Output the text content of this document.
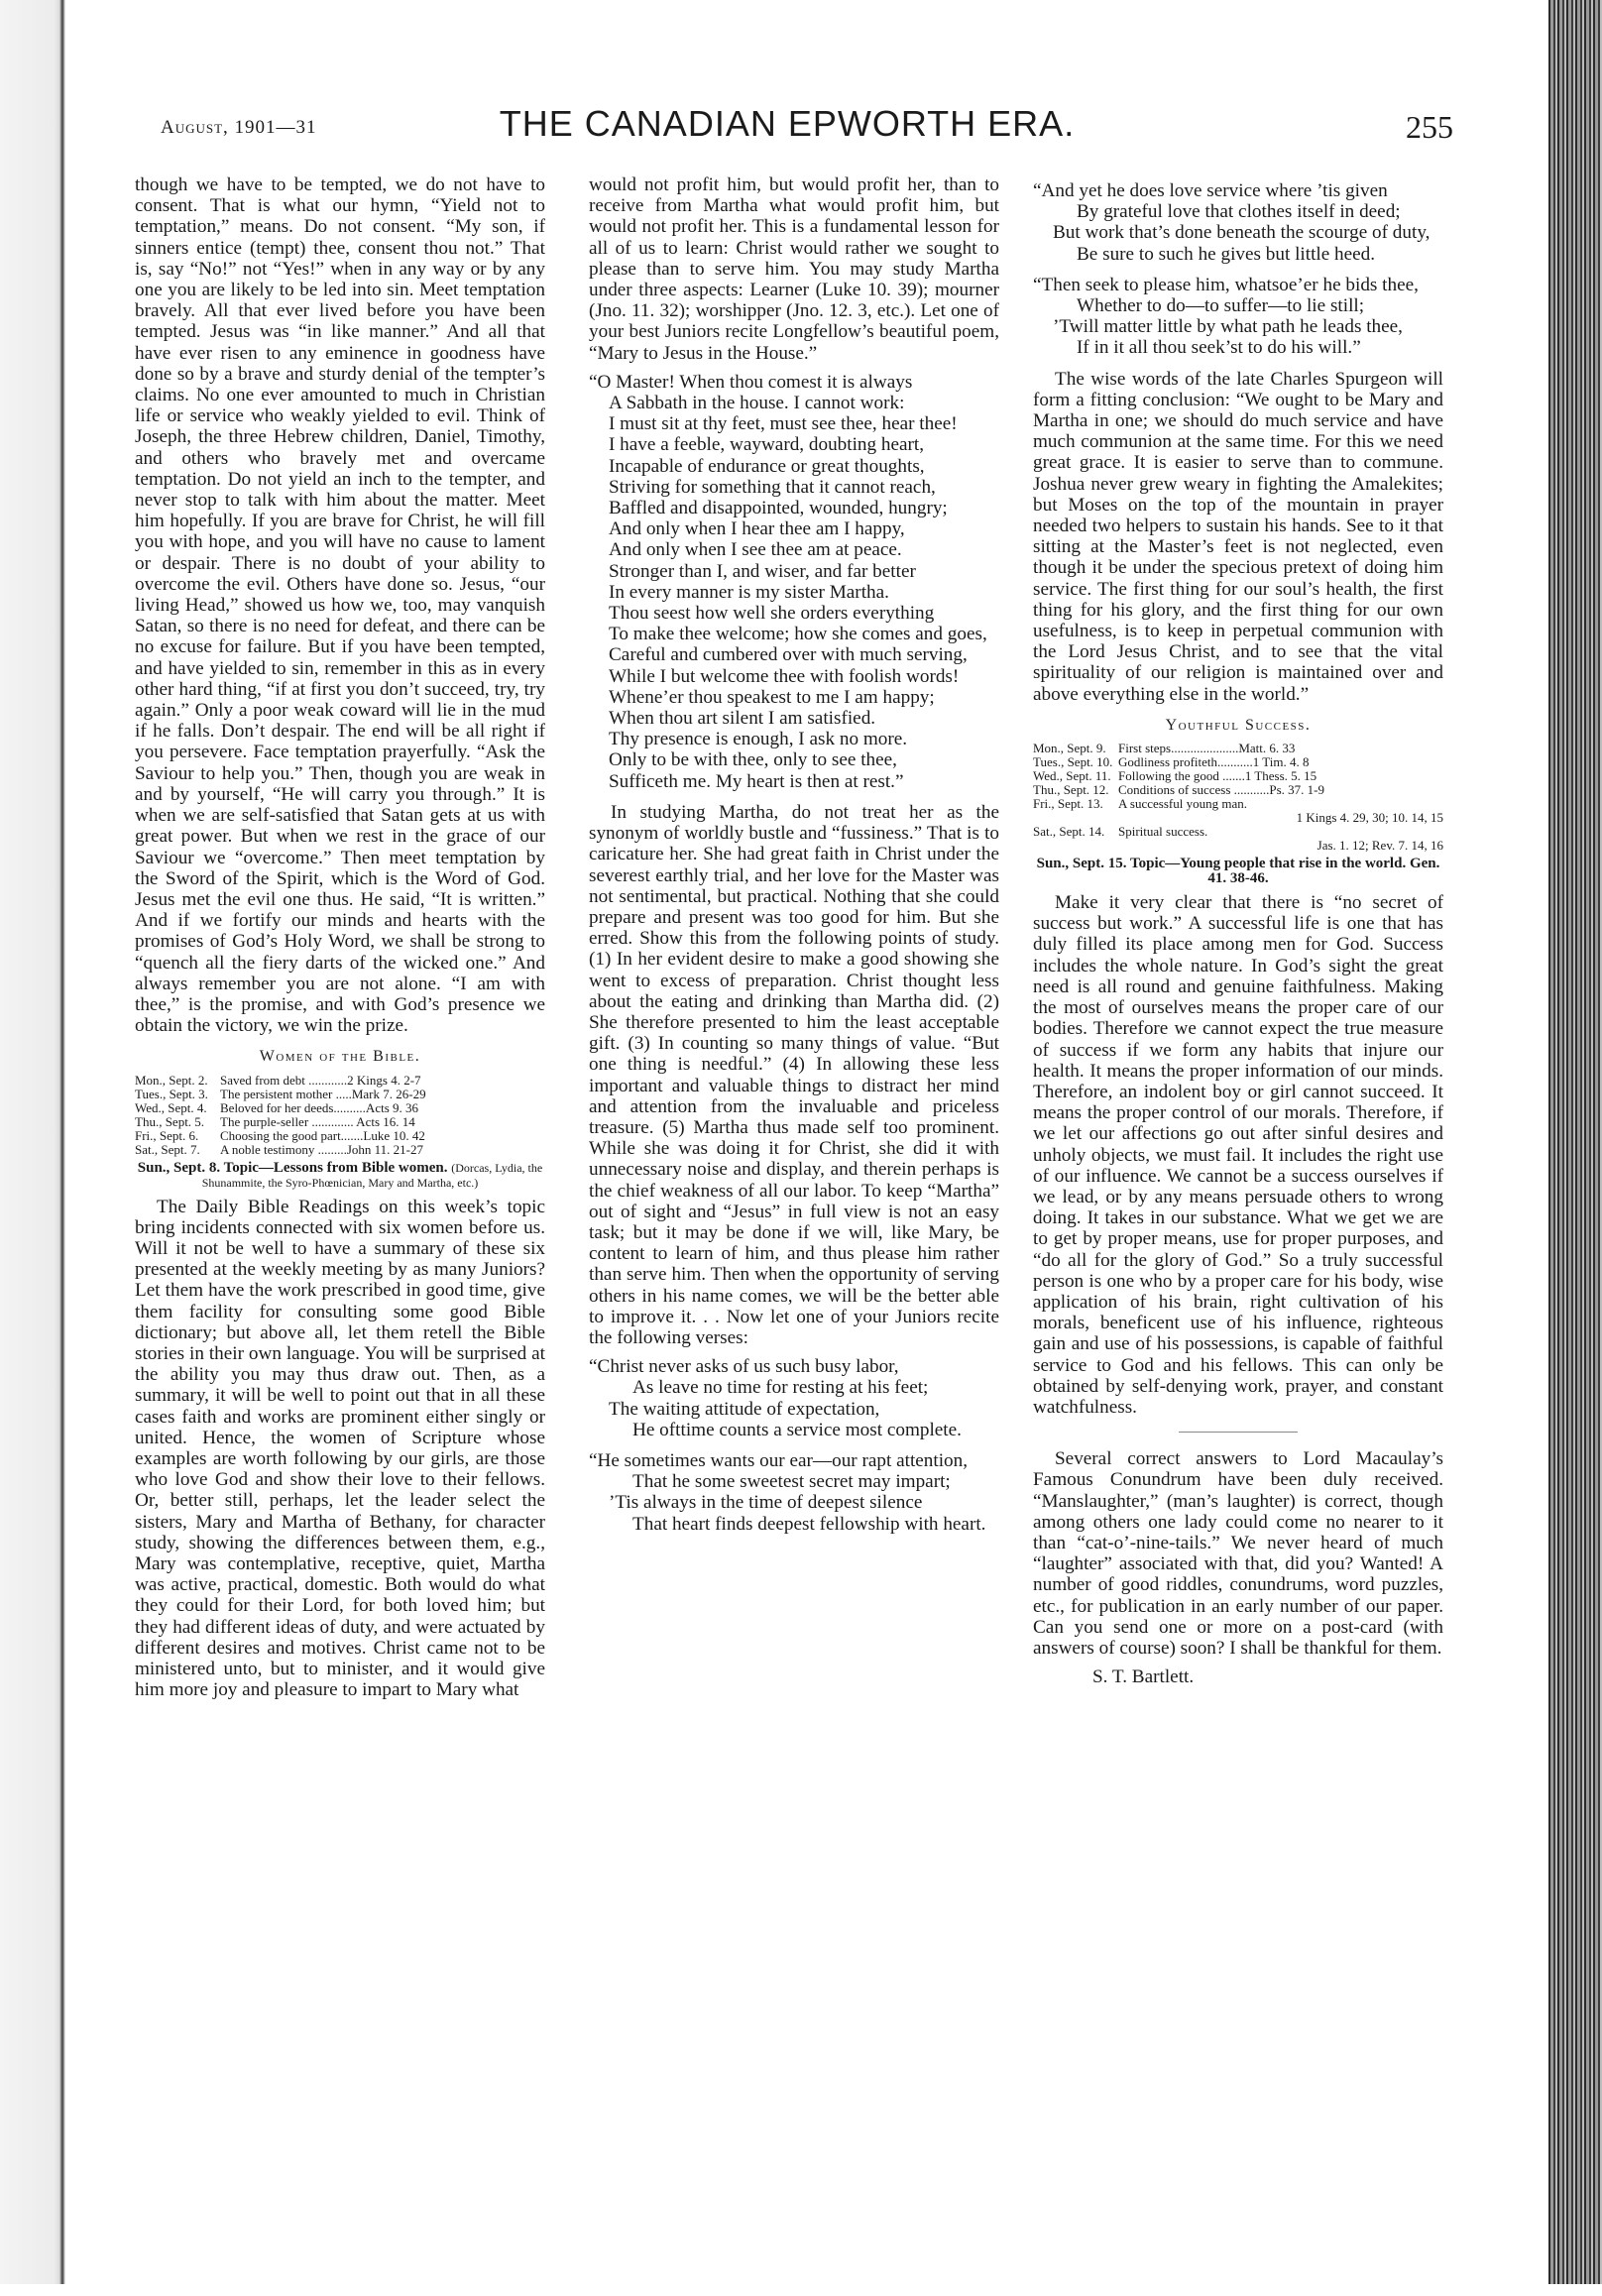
August, 1901—31	THE CANADIAN EPWORTH ERA.	255

though we have to be tempted, we do not have to consent. That is what our hymn, “Yield not to temptation,” means. Do not consent. “My son, if sinners entice (tempt) thee, consent thou not.” That is, say “No!” not “Yes!” when in any way or by any one you are likely to be led into sin. Meet temptation bravely. All that ever lived before you have been tempted. Jesus was “in like manner.” And all that have ever risen to any eminence in goodness have done so by a brave and sturdy denial of the tempter’s claims. No one ever amounted to much in Christian life or service who weakly yielded to evil. Think of Joseph, the three Hebrew children, Daniel, Timothy, and others who bravely met and overcame temptation. Do not yield an inch to the tempter, and never stop to talk with him about the matter. Meet him hopefully. If you are brave for Christ, he will fill you with hope, and you will have no cause to lament or despair. There is no doubt of your ability to overcome the evil. Others have done so. Jesus, “our living Head,” showed us how we, too, may vanquish Satan, so there is no need for defeat, and there can be no excuse for failure. But if you have been tempted, and have yielded to sin, remember in this as in every other hard thing, “if at first you don’t succeed, try, try again.” Only a poor weak coward will lie in the mud if he falls. Don’t despair. The end will be all right if you persevere. Face temptation prayerfully. “Ask the Saviour to help you.” Then, though you are weak in and by yourself, “He will carry you through.” It is when we are self-satisfied that Satan gets at us with great power. But when we rest in the grace of our Saviour we “overcome.” Then meet temptation by the Sword of the Spirit, which is the Word of God. Jesus met the evil one thus. He said, “It is written.” And if we fortify our minds and hearts with the promises of God’s Holy Word, we shall be strong to “quench all the fiery darts of the wicked one.” And always remember you are not alone. “I am with thee,” is the promise, and with God’s presence we obtain the victory, we win the prize.

Women of the Bible.
Mon., Sept. 2. Saved from debt ............2 Kings 4. 2-7
Tues., Sept. 3. The persistent mother .....Mark 7. 26-29
Wed., Sept. 4.	Beloved for her deeds..........Acts 9. 36
Thu., Sept. 5.	The purple-seller ............. Acts 16. 14
Fri., Sept. 6.	Choosing the good part.......Luke 10. 42
Sat., Sept. 7.	A noble testimony .........John 11. 21-27
Sun., Sept. 8. Topic—Lessons from Bible women. (Dorcas, Lydia, the Shunammite, the Syro-Phœnician, Mary and Martha, etc.)

The Daily Bible Readings on this week’s topic bring incidents connected with six women before us. Will it not be well to have a summary of these six presented at the weekly meeting by as many Juniors? Let them have the work prescribed in good time, give them facility for consulting some good Bible dictionary; but above all, let them retell the Bible stories in their own language. You will be surprised at the ability you may thus draw out. Then, as a summary, it will be well to point out that in all these cases faith and works are prominent either singly or united. Hence, the women of Scripture whose examples are worth following by our girls, are those who love God and show their love to their fellows. Or, better still, perhaps, let the leader select the sisters, Mary and Martha of Bethany, for character study, showing the differences between them, e.g., Mary was contemplative, receptive, quiet, Martha was active, practical, domestic. Both would do what they could for their Lord, for both loved him; but they had different ideas of duty, and were actuated by different desires and motives. Christ came not to be ministered unto, but to minister, and it would give him more joy and pleasure to impart to Mary what

would not profit him, but would profit her, than to receive from Martha what would profit him, but would not profit her. This is a fundamental lesson for all of us to learn: Christ would rather we sought to please than to serve him. You may study Martha under three aspects: Learner (Luke 10. 39); mourner (Jno. 11. 32); worshipper (Jno. 12. 3, etc.). Let one of your best Juniors recite Longfellow’s beautiful poem, “Mary to Jesus in the House.”

“O Master! When thou comest it is always
A Sabbath in the house. I cannot work:
I must sit at thy feet, must see thee, hear thee!
I have a feeble, wayward, doubting heart,
Incapable of endurance or great thoughts,
Striving for something that it cannot reach,
Baffled and disappointed, wounded, hungry;
And only when I hear thee am I happy,
And only when I see thee am at peace.
Stronger than I, and wiser, and far better
In every manner is my sister Martha.
Thou seest how well she orders everything
To make thee welcome; how she comes and goes,
Careful and cumbered over with much serving,
While I but welcome thee with foolish words!
Whene’er thou speakest to me I am happy;
When thou art silent I am satisfied.
Thy presence is enough, I ask no more.
Only to be with thee, only to see thee,
Sufficeth me. My heart is then at rest.”

In studying Martha, do not treat her as the synonym of worldly bustle and “fussiness.” That is to caricature her. She had great faith in Christ under the severest earthly trial, and her love for the Master was not sentimental, but practical. Nothing that she could prepare and present was too good for him. But she erred. Show this from the following points of study. (1) In her evident desire to make a good showing she went to excess of preparation. Christ thought less about the eating and drinking than Martha did. (2) She therefore presented to him the least acceptable gift. (3) In counting so many things of value. “But one thing is needful.” (4) In allowing these less important and valuable things to distract her mind and attention from the invaluable and priceless treasure. (5) Martha thus made self too prominent. While she was doing it for Christ, she did it with unnecessary noise and display, and therein perhaps is the chief weakness of all our labor. To keep “Martha” out of sight and “Jesus” in full view is not an easy task; but it may be done if we will, like Mary, be content to learn of him, and thus please him rather than serve him. Then when the opportunity of serving others in his name comes, we will be the better able to improve it. . . Now let one of your Juniors recite the following verses:

“Christ never asks of us such busy labor,
As leave no time for resting at his feet;
The waiting attitude of expectation,
He ofttime counts a service most complete.
“He sometimes wants our ear—our rapt attention,
That he some sweetest secret may impart;
’Tis always in the time of deepest silence
That heart finds deepest fellowship with heart.
“And yet he does love service where ’tis given
By grateful love that clothes itself in deed;
But work that’s done beneath the scourge of duty,
Be sure to such he gives but little heed.
“Then seek to please him, whatsoe’er he bids thee,
Whether to do—to suffer—to lie still;
’Twill matter little by what path he leads thee,
If in it all thou seek’st to do his will.”

The wise words of the late Charles Spurgeon will form a fitting conclusion: “We ought to be Mary and Martha in one; we should do much service and have much communion at the same time. For this we need great grace. It is easier to serve than to commune. Joshua never grew weary in fighting the Amalekites; but Moses on the top of the mountain in prayer needed two helpers to sustain his hands. See to it that sitting at the Master’s feet is not neglected, even though it be under the specious pretext of doing him service. The first thing for our soul’s health, the first thing for his glory, and the first thing for our own usefulness, is to keep in perpetual communion with the Lord Jesus Christ, and to see that the vital spirituality of our religion is maintained over and above everything else in the world.”

Youthful Success.
Mon., Sept. 9. First steps.....................Matt. 6. 33
Tues., Sept. 10. Godliness profiteth...........1 Tim. 4. 8
Wed., Sept. 11. Following the good .......1 Thess. 5. 15
Thu., Sept. 12. Conditions of success ...........Ps. 37. 1-9
Fri., Sept. 13.	A successful young man.
1 Kings 4. 29, 30; 10. 14, 15
Sat., Sept. 14.	Spiritual success.
Jas. 1. 12; Rev. 7. 14, 16
Sun., Sept. 15. Topic—Young people that rise in the world. Gen. 41. 38-46.

Make it very clear that there is “no secret of success but work.” A successful life is one that has duly filled its place among men for God. Success includes the whole nature. In God’s sight the great need is all round and genuine faithfulness. Making the most of ourselves means the proper care of our bodies. Therefore we cannot expect the true measure of success if we form any habits that injure our health. It means the proper information of our minds. Therefore, an indolent boy or girl cannot succeed. It means the proper control of our morals. Therefore, if we let our affections go out after sinful desires and unholy objects, we must fail. It includes the right use of our influence. We cannot be a success ourselves if we lead, or by any means persuade others to wrong doing. It takes in our substance. What we get we are to get by proper means, use for proper purposes, and “do all for the glory of God.” So a truly successful person is one who by a proper care for his body, wise application of his brain, right cultivation of his morals, beneficent use of his influence, righteous gain and use of his possessions, is capable of faithful service to God and his fellows. This can only be obtained by self-denying work, prayer, and constant watchfulness.

Several correct answers to Lord Macaulay’s Famous Conundrum have been duly received. “Manslaughter,” (man’s laughter) is correct, though among others one lady could come no nearer to it than “cat-o’-nine-tails.” We never heard of much “laughter” associated with that, did you? Wanted! A number of good riddles, conundrums, word puzzles, etc., for publication in an early number of our paper. Can you send one or more on a post-card (with answers of course) soon? I shall be thankful for them.

S. T. Bartlett.
